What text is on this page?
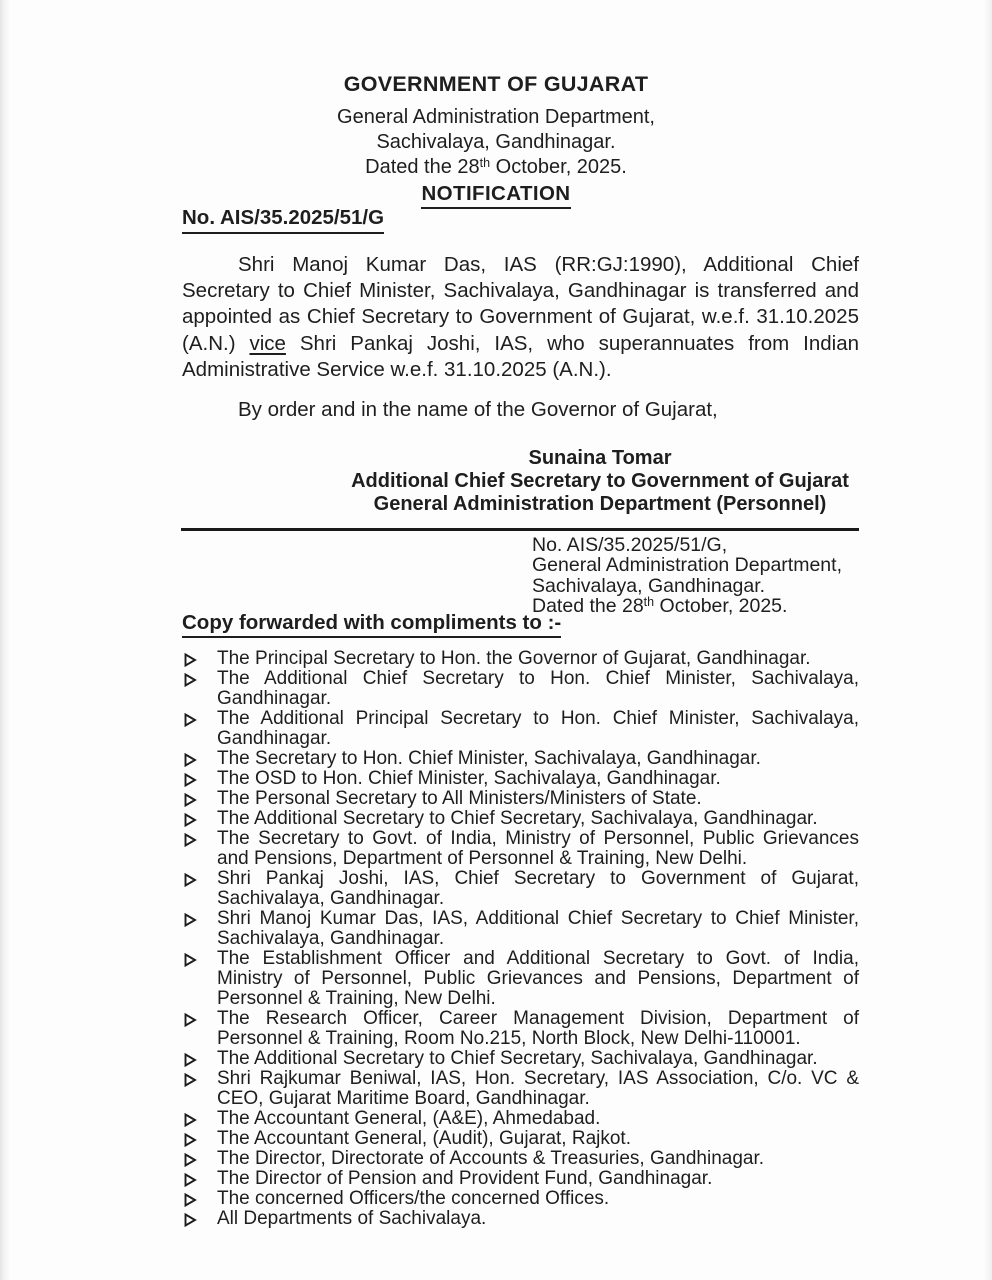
GOVERNMENT OF GUJARAT
General Administration Department,
Sachivalaya, Gandhinagar.
Dated the 28th October, 2025.
NOTIFICATION
No. AIS/35.2025/51/G
Shri Manoj Kumar Das, IAS (RR:GJ:1990), Additional Chief Secretary to Chief Minister, Sachivalaya, Gandhinagar is transferred and appointed as Chief Secretary to Government of Gujarat, w.e.f. 31.10.2025 (A.N.) vice Shri Pankaj Joshi, IAS, who superannuates from Indian Administrative Service w.e.f. 31.10.2025 (A.N.).
By order and in the name of the Governor of Gujarat,
Sunaina Tomar
Additional Chief Secretary to Government of Gujarat
General Administration Department (Personnel)
No. AIS/35.2025/51/G,
General Administration Department,
Sachivalaya, Gandhinagar.
Dated the 28th October, 2025.
Copy forwarded with compliments to :-
The Principal Secretary to Hon. the Governor of Gujarat, Gandhinagar.
The Additional Chief Secretary to Hon. Chief Minister, Sachivalaya, Gandhinagar.
The Additional Principal Secretary to Hon. Chief Minister, Sachivalaya, Gandhinagar.
The Secretary to Hon. Chief Minister, Sachivalaya, Gandhinagar.
The OSD to Hon. Chief Minister, Sachivalaya, Gandhinagar.
The Personal Secretary to All Ministers/Ministers of State.
The Additional Secretary to Chief Secretary, Sachivalaya, Gandhinagar.
The Secretary to Govt. of India, Ministry of Personnel, Public Grievances and Pensions, Department of Personnel & Training, New Delhi.
Shri Pankaj Joshi, IAS, Chief Secretary to Government of Gujarat, Sachivalaya, Gandhinagar.
Shri Manoj Kumar Das, IAS, Additional Chief Secretary to Chief Minister, Sachivalaya, Gandhinagar.
The Establishment Officer and Additional Secretary to Govt. of India, Ministry of Personnel, Public Grievances and Pensions, Department of Personnel & Training, New Delhi.
The Research Officer, Career Management Division, Department of Personnel & Training, Room No.215, North Block, New Delhi-110001.
The Additional Secretary to Chief Secretary, Sachivalaya, Gandhinagar.
Shri Rajkumar Beniwal, IAS, Hon. Secretary, IAS Association, C/o. VC & CEO, Gujarat Maritime Board, Gandhinagar.
The Accountant General, (A&E), Ahmedabad.
The Accountant General, (Audit), Gujarat, Rajkot.
The Director, Directorate of Accounts & Treasuries, Gandhinagar.
The Director of Pension and Provident Fund, Gandhinagar.
The concerned Officers/the concerned Offices.
All Departments of Sachivalaya.
